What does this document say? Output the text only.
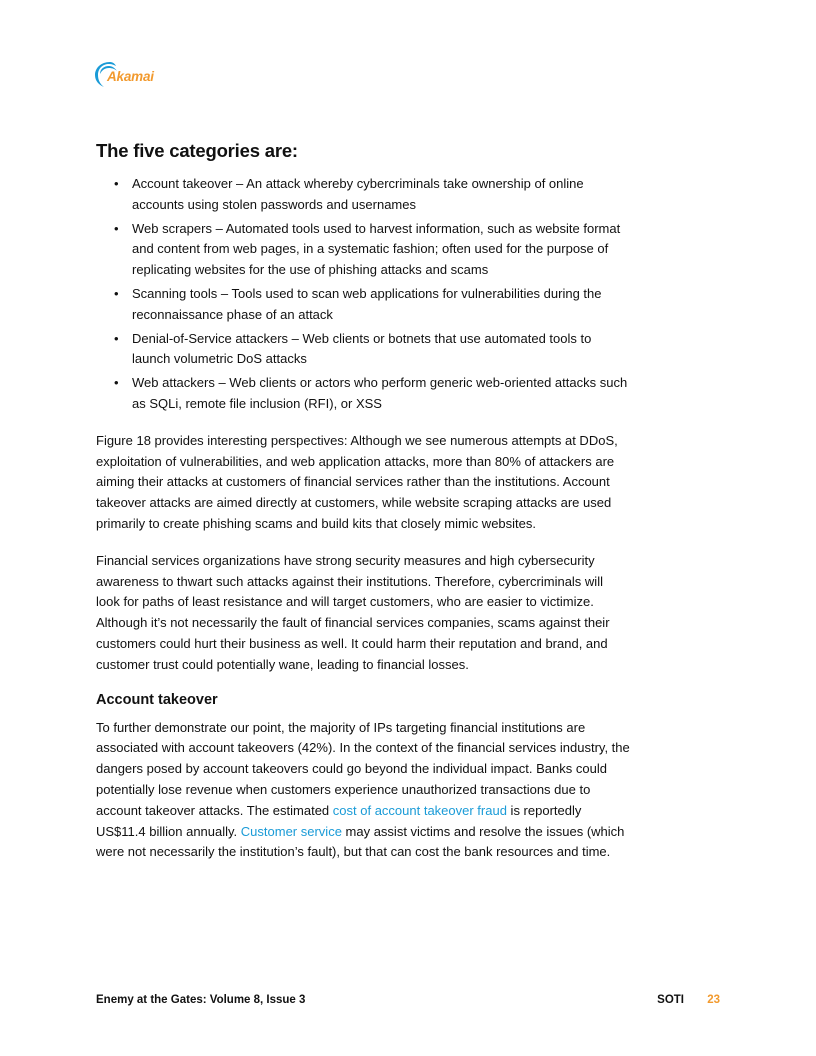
Akamai
The five categories are:
• Account takeover – An attack whereby cybercriminals take ownership of online accounts using stolen passwords and usernames
• Web scrapers – Automated tools used to harvest information, such as website format and content from web pages, in a systematic fashion; often used for the purpose of replicating websites for the use of phishing attacks and scams
• Scanning tools – Tools used to scan web applications for vulnerabilities during the reconnaissance phase of an attack
• Denial-of-Service attackers – Web clients or botnets that use automated tools to launch volumetric DoS attacks
• Web attackers – Web clients or actors who perform generic web-oriented attacks such as SQLi, remote file inclusion (RFI), or XSS

Figure 18 provides interesting perspectives: Although we see numerous attempts at DDoS, exploitation of vulnerabilities, and web application attacks, more than 80% of attackers are aiming their attacks at customers of financial services rather than the institutions. Account takeover attacks are aimed directly at customers, while website scraping attacks are used primarily to create phishing scams and build kits that closely mimic websites.

Financial services organizations have strong security measures and high cybersecurity awareness to thwart such attacks against their institutions. Therefore, cybercriminals will look for paths of least resistance and will target customers, who are easier to victimize. Although it’s not necessarily the fault of financial services companies, scams against their customers could hurt their business as well. It could harm their reputation and brand, and customer trust could potentially wane, leading to financial losses.

Account takeover

To further demonstrate our point, the majority of IPs targeting financial institutions are associated with account takeovers (42%). In the context of the financial services industry, the dangers posed by account takeovers could go beyond the individual impact. Banks could potentially lose revenue when customers experience unauthorized transactions due to account takeover attacks. The estimated cost of account takeover fraud is reportedly US$11.4 billion annually. Customer service may assist victims and resolve the issues (which were not necessarily the institution’s fault), but that can cost the bank resources and time.

Enemy at the Gates: Volume 8, Issue 3	SOTI 23
